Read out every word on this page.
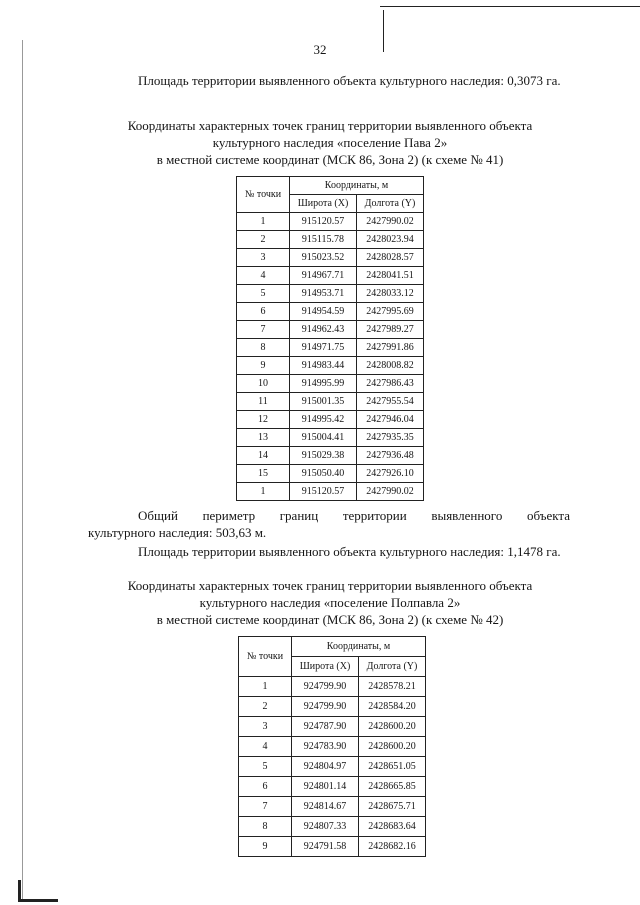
32
Площадь территории выявленного объекта культурного наследия: 0,3073 га.
Координаты характерных точек границ территории выявленного объекта
культурного наследия «поселение Пава 2»
в местной системе координат (МСК 86, Зона 2) (к схеме № 41)
№ точки	Координаты, м	
	Широта (X)	Долгота (Y)
1	915120.57	2427990.02
2	915115.78	2428023.94
3	915023.52	2428028.57
4	914967.71	2428041.51
5	914953.71	2428033.12
6	914954.59	2427995.69
7	914962.43	2427989.27
8	914971.75	2427991.86
9	914983.44	2428008.82
10	914995.99	2427986.43
11	915001.35	2427955.54
12	914995.42	2427946.04
13	915004.41	2427935.35
14	915029.38	2427936.48
15	915050.40	2427926.10
1	915120.57	2427990.02
Общий периметр границ территории выявленного объекта
культурного наследия: 503,63 м.
Площадь территории выявленного объекта культурного наследия: 1,1478 га.
Координаты характерных точек границ территории выявленного объекта
культурного наследия «поселение Полпавла 2»
в местной системе координат (МСК 86, Зона 2) (к схеме № 42)
№ точки	Координаты, м	
	Широта (X)	Долгота (Y)
1	924799.90	2428578.21
2	924799.90	2428584.20
3	924787.90	2428600.20
4	924783.90	2428600.20
5	924804.97	2428651.05
6	924801.14	2428665.85
7	924814.67	2428675.71
8	924807.33	2428683.64
9	924791.58	2428682.16
